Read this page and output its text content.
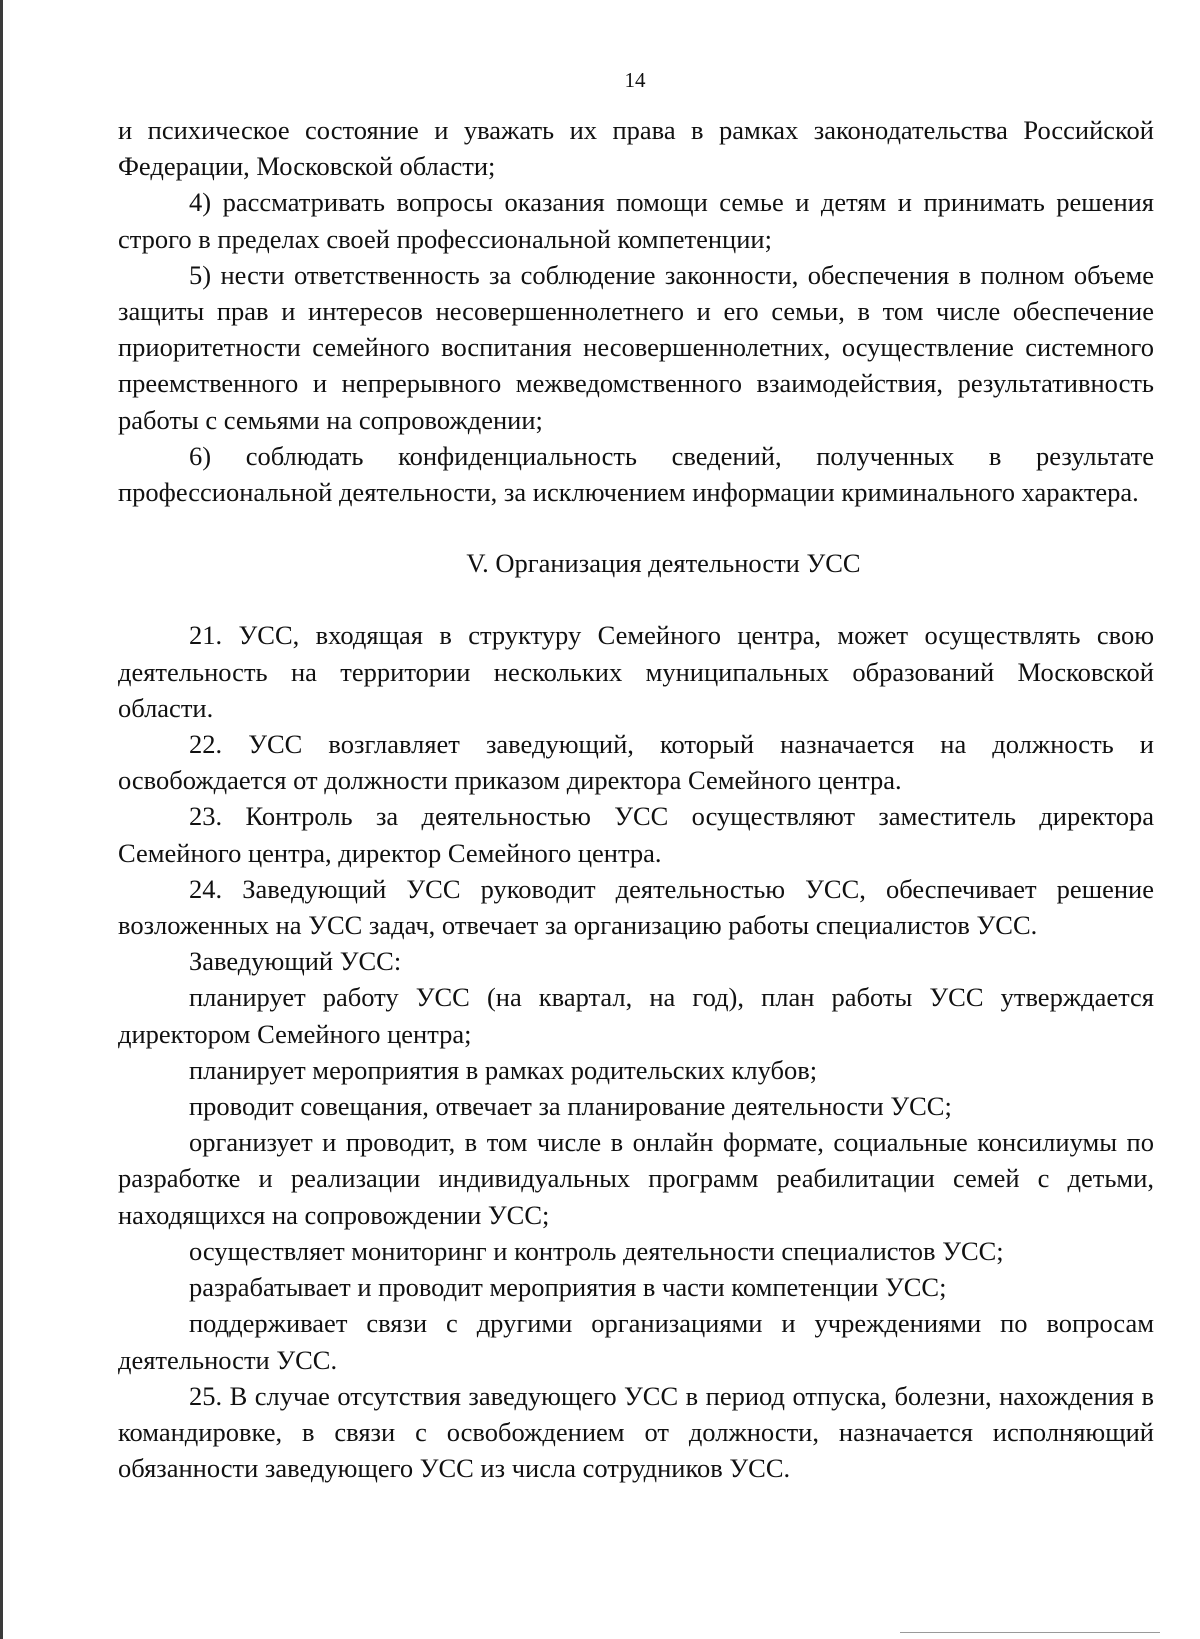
14

и психическое состояние и уважать их права в рамках законодательства Российской Федерации, Московской области;

4) рассматривать вопросы оказания помощи семье и детям и принимать решения строго в пределах своей профессиональной компетенции;

5) нести ответственность за соблюдение законности, обеспечения в полном объеме защиты прав и интересов несовершеннолетнего и его семьи, в том числе обеспечение приоритетности семейного воспитания несовершеннолетних, осуществление системного преемственного и непрерывного межведомственного взаимодействия, результативность работы с семьями на сопровождении;

6) соблюдать конфиденциальность сведений, полученных в результате профессиональной деятельности, за исключением информации криминального характера.

V. Организация деятельности УСС

21. УСС, входящая в структуру Семейного центра, может осуществлять свою деятельность на территории нескольких муниципальных образований Московской области.

22. УСС возглавляет заведующий, который назначается на должность и освобождается от должности приказом директора Семейного центра.

23. Контроль за деятельностью УСС осуществляют заместитель директора Семейного центра, директор Семейного центра.

24. Заведующий УСС руководит деятельностью УСС, обеспечивает решение возложенных на УСС задач, отвечает за организацию работы специалистов УСС.

Заведующий УСС:

планирует работу УСС (на квартал, на год), план работы УСС утверждается директором Семейного центра;

планирует мероприятия в рамках родительских клубов;

проводит совещания, отвечает за планирование деятельности УСС;

организует и проводит, в том числе в онлайн формате, социальные консилиумы по разработке и реализации индивидуальных программ реабилитации семей с детьми, находящихся на сопровождении УСС;

осуществляет мониторинг и контроль деятельности специалистов УСС;

разрабатывает и проводит мероприятия в части компетенции УСС;

поддерживает связи с другими организациями и учреждениями по вопросам деятельности УСС.

25. В случае отсутствия заведующего УСС в период отпуска, болезни, нахождения в командировке, в связи с освобождением от должности, назначается исполняющий обязанности заведующего УСС из числа сотрудников УСС.
